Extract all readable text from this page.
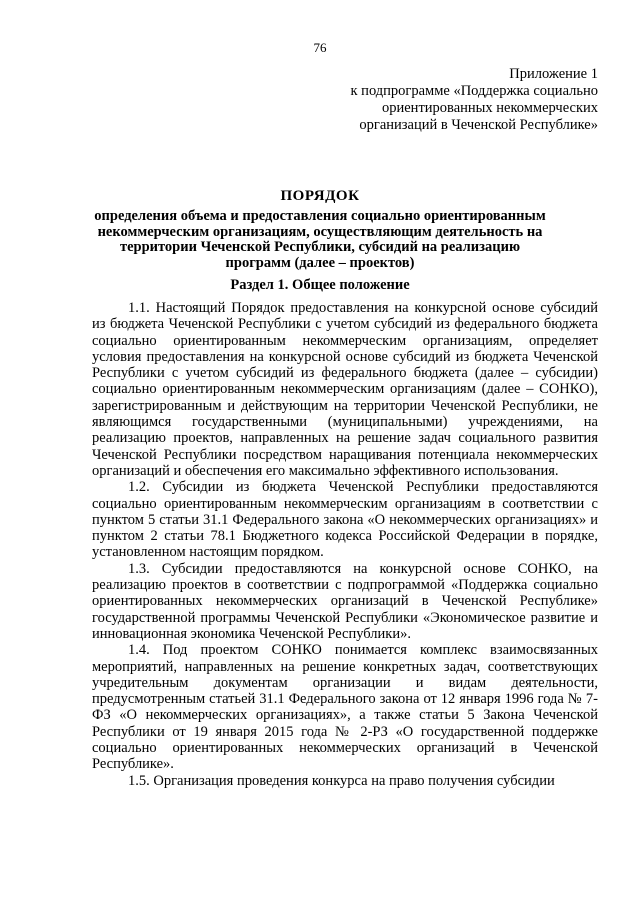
76
Приложение 1
к подпрограмме «Поддержка социально
ориентированных некоммерческих
организаций в Чеченской Республике»
ПОРЯДОК
определения объема и предоставления социально ориентированным
некоммерческим организациям, осуществляющим деятельность на
территории Чеченской Республики, субсидий на реализацию
программ (далее – проектов)
Раздел 1. Общее положение

1.1. Настоящий Порядок предоставления на конкурсной основе субсидий из бюджета Чеченской Республики с учетом субсидий из федерального бюджета социально ориентированным некоммерческим организациям, определяет условия предоставления на конкурсной основе субсидий из бюджета Чеченской Республики с учетом субсидий из федерального бюджета (далее – субсидии) социально ориентированным некоммерческим организациям (далее – СОНКО), зарегистрированным и действующим на территории Чеченской Республики, не являющимся государственными (муниципальными) учреждениями, на реализацию проектов, направленных на решение задач социального развития Чеченской Республики посредством наращивания потенциала некоммерческих организаций и обеспечения его максимально эффективного использования.

1.2. Субсидии из бюджета Чеченской Республики предоставляются социально ориентированным некоммерческим организациям в соответствии с пунктом 5 статьи 31.1 Федерального закона «О некоммерческих организациях» и пунктом 2 статьи 78.1 Бюджетного кодекса Российской Федерации в порядке, установленном настоящим порядком.

1.3. Субсидии предоставляются на конкурсной основе СОНКО, на реализацию проектов в соответствии с подпрограммой «Поддержка социально ориентированных некоммерческих организаций в Чеченской Республике» государственной программы Чеченской Республики «Экономическое развитие и инновационная экономика Чеченской Республики».

1.4. Под проектом СОНКО понимается комплекс взаимосвязанных мероприятий, направленных на решение конкретных задач, соответствующих учредительным документам организации и видам деятельности, предусмотренным статьей 31.1 Федерального закона от 12 января 1996 года № 7-ФЗ «О некоммерческих организациях», а также статьи 5 Закона Чеченской Республики от 19 января 2015 года № 2-РЗ «О государственной поддержке социально ориентированных некоммерческих организаций в Чеченской Республике».

1.5. Организация проведения конкурса на право получения субсидии
